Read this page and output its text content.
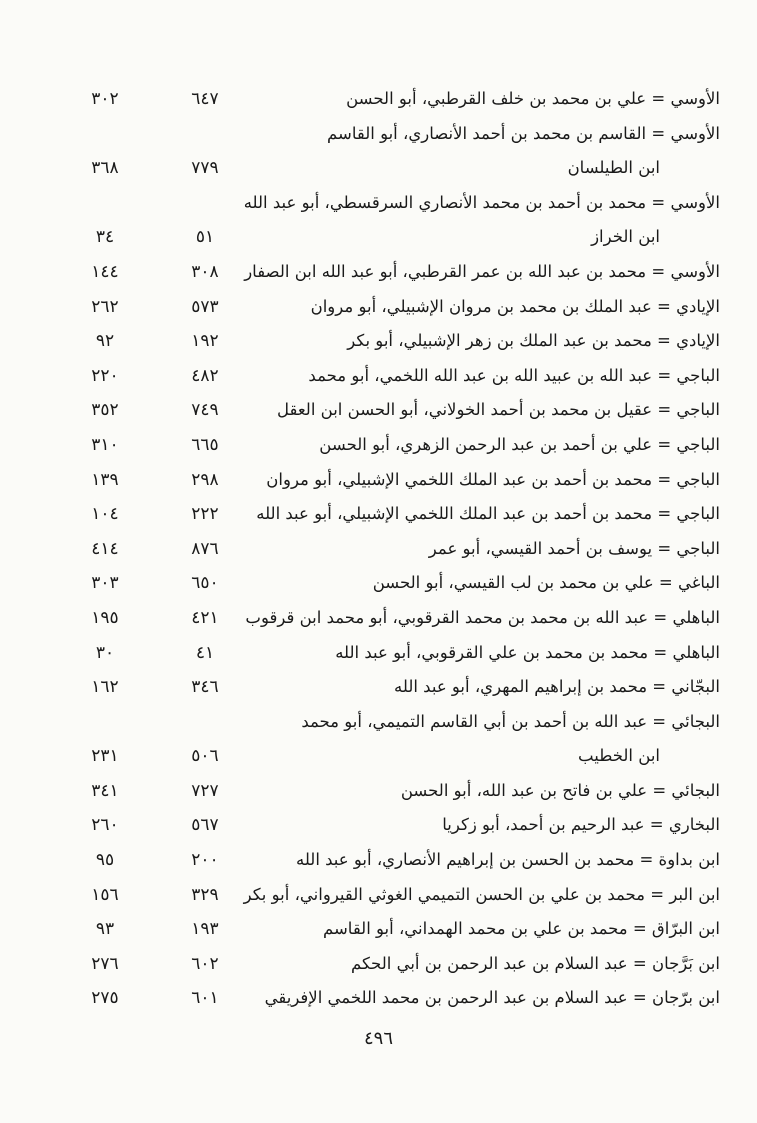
الأوسي = علي بن محمد بن خلف القرطبي، أبو الحسن
٦٤٧
٣٠٢
الأوسي = القاسم بن محمد بن أحمد الأنصاري، أبو القاسم
ابن الطيلسان
٧٧٩
٣٦٨
الأوسي = محمد بن أحمد بن محمد الأنصاري السرقسطي، أبو عبد الله
ابن الخراز
٥١
٣٤
الأوسي = محمد بن عبد الله بن عمر القرطبي، أبو عبد الله ابن الصفار
٣٠٨
١٤٤
الإيادي = عبد الملك بن محمد بن مروان الإشبيلي، أبو مروان
٥٧٣
٢٦٢
الإيادي = محمد بن عبد الملك بن زهر الإشبيلي، أبو بكر
١٩٢
٩٢
الباجي = عبد الله بن عبيد الله بن عبد الله اللخمي، أبو محمد
٤٨٢
٢٢٠
الباجي = عقيل بن محمد بن أحمد الخولاني، أبو الحسن ابن العقل
٧٤٩
٣٥٢
الباجي = علي بن أحمد بن عبد الرحمن الزهري، أبو الحسن
٦٦٥
٣١٠
الباجي = محمد بن أحمد بن عبد الملك اللخمي الإشبيلي، أبو مروان
٢٩٨
١٣٩
الباجي = محمد بن أحمد بن عبد الملك اللخمي الإشبيلي، أبو عبد الله
٢٢٢
١٠٤
الباجي = يوسف بن أحمد القيسي، أبو عمر
٨٧٦
٤١٤
الباغي = علي بن محمد بن لب القيسي، أبو الحسن
٦٥٠
٣٠٣
الباهلي = عبد الله بن محمد بن محمد القرقوبي، أبو محمد ابن قرقوب
٤٢١
١٩٥
الباهلي = محمد بن محمد بن علي القرقوبي، أبو عبد الله
٤١
٣٠
البجّاني = محمد بن إبراهيم المهري، أبو عبد الله
٣٤٦
١٦٢
البجائي = عبد الله بن أحمد بن أبي القاسم التميمي، أبو محمد
ابن الخطيب
٥٠٦
٢٣١
البجائي = علي بن فاتح بن عبد الله، أبو الحسن
٧٢٧
٣٤١
البخاري = عبد الرحيم بن أحمد، أبو زكريا
٥٦٧
٢٦٠
ابن بداوة = محمد بن الحسن بن إبراهيم الأنصاري، أبو عبد الله
٢٠٠
٩٥
ابن البر = محمد بن علي بن الحسن التميمي الغوثي القيرواني، أبو بكر
٣٢٩
١٥٦
ابن البرّاق = محمد بن علي بن محمد الهمداني، أبو القاسم
١٩٣
٩٣
ابن بَرَّجان = عبد السلام بن عبد الرحمن بن أبي الحكم
٦٠٢
٢٧٦
ابن برّجان = عبد السلام بن عبد الرحمن بن محمد اللخمي الإفريقي
٦٠١
٢٧٥
٤٩٦
